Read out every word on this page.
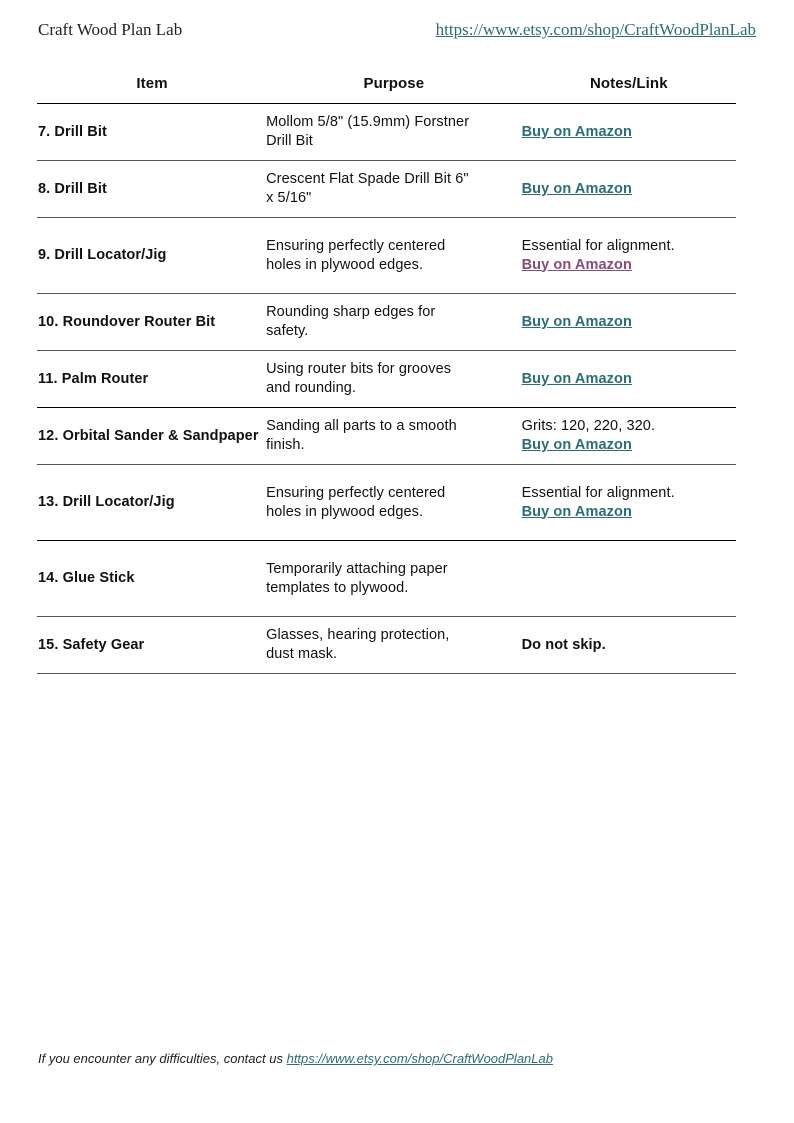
Craft Wood Plan Lab	https://www.etsy.com/shop/CraftWoodPlanLab
Item	Purpose	Notes/Link
7. Drill Bit	Mollom 5/8" (15.9mm) Forstner Drill Bit	Buy on Amazon

8. Drill Bit	Crescent Flat Spade Drill Bit 6" x 5/16"	Buy on Amazon

9. Drill Locator/Jig	Ensuring perfectly centered holes in plywood edges.	Essential for alignment.
Buy on Amazon

10. Roundover Router Bit	Rounding sharp edges for safety.	Buy on Amazon

11. Palm Router	Using router bits for grooves and rounding.	Buy on Amazon

12. Orbital Sander & Sandpaper	Sanding all parts to a smooth finish.	Grits: 120, 220, 320.
Buy on Amazon

13. Drill Locator/Jig	Ensuring perfectly centered holes in plywood edges.	Essential for alignment.
Buy on Amazon

14. Glue Stick	Temporarily attaching paper templates to plywood.	
15. Safety Gear	Glasses, hearing protection, dust mask.	Do not skip.
If you encounter any difficulties, contact us https://www.etsy.com/shop/CraftWoodPlanLab
